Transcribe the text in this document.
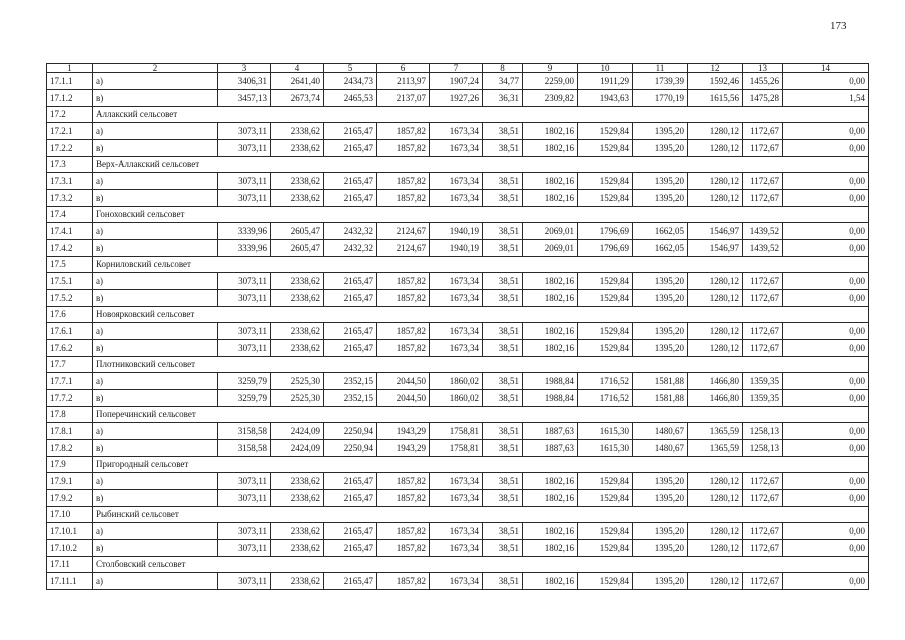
173
1	2	3	4	5	6	7	8	9	10	11	12	13	14
17.1.1	а)	3406,31	2641,40	2434,73	2113,97	1907,24	34,77	2259,00	1911,29	1739,39	1592,46	1455,26	0,00
17.1.2	в)	3457,13	2673,74	2465,53	2137,07	1927,26	36,31	2309,82	1943,63	1770,19	1615,56	1475,28	1,54
17.2	Аллакский сельсовет												
17.2.1	а)	3073,11	2338,62	2165,47	1857,82	1673,34	38,51	1802,16	1529,84	1395,20	1280,12	1172,67	0,00
17.2.2	в)	3073,11	2338,62	2165,47	1857,82	1673,34	38,51	1802,16	1529,84	1395,20	1280,12	1172,67	0,00
17.3	Верх-Аллакский сельсовет												
17.3.1	а)	3073,11	2338,62	2165,47	1857,82	1673,34	38,51	1802,16	1529,84	1395,20	1280,12	1172,67	0,00
17.3.2	в)	3073,11	2338,62	2165,47	1857,82	1673,34	38,51	1802,16	1529,84	1395,20	1280,12	1172,67	0,00
17.4	Гоноховский сельсовет												
17.4.1	а)	3339,96	2605,47	2432,32	2124,67	1940,19	38,51	2069,01	1796,69	1662,05	1546,97	1439,52	0,00
17.4.2	в)	3339,96	2605,47	2432,32	2124,67	1940,19	38,51	2069,01	1796,69	1662,05	1546,97	1439,52	0,00
17.5	Корниловский сельсовет												
17.5.1	а)	3073,11	2338,62	2165,47	1857,82	1673,34	38,51	1802,16	1529,84	1395,20	1280,12	1172,67	0,00
17.5.2	в)	3073,11	2338,62	2165,47	1857,82	1673,34	38,51	1802,16	1529,84	1395,20	1280,12	1172,67	0,00
17.6	Новоярковский сельсовет												
17.6.1	а)	3073,11	2338,62	2165,47	1857,82	1673,34	38,51	1802,16	1529,84	1395,20	1280,12	1172,67	0,00
17.6.2	в)	3073,11	2338,62	2165,47	1857,82	1673,34	38,51	1802,16	1529,84	1395,20	1280,12	1172,67	0,00
17.7	Плотниковский сельсовет												
17.7.1	а)	3259,79	2525,30	2352,15	2044,50	1860,02	38,51	1988,84	1716,52	1581,88	1466,80	1359,35	0,00
17.7.2	в)	3259,79	2525,30	2352,15	2044,50	1860,02	38,51	1988,84	1716,52	1581,88	1466,80	1359,35	0,00
17.8	Поперечинский сельсовет												
17.8.1	а)	3158,58	2424,09	2250,94	1943,29	1758,81	38,51	1887,63	1615,30	1480,67	1365,59	1258,13	0,00
17.8.2	в)	3158,58	2424,09	2250,94	1943,29	1758,81	38,51	1887,63	1615,30	1480,67	1365,59	1258,13	0,00
17.9	Пригородный сельсовет												
17.9.1	а)	3073,11	2338,62	2165,47	1857,82	1673,34	38,51	1802,16	1529,84	1395,20	1280,12	1172,67	0,00
17.9.2	в)	3073,11	2338,62	2165,47	1857,82	1673,34	38,51	1802,16	1529,84	1395,20	1280,12	1172,67	0,00
17.10	Рыбинский сельсовет												
17.10.1	а)	3073,11	2338,62	2165,47	1857,82	1673,34	38,51	1802,16	1529,84	1395,20	1280,12	1172,67	0,00
17.10.2	в)	3073,11	2338,62	2165,47	1857,82	1673,34	38,51	1802,16	1529,84	1395,20	1280,12	1172,67	0,00
17.11	Столбовский сельсовет												
17.11.1	а)	3073,11	2338,62	2165,47	1857,82	1673,34	38,51	1802,16	1529,84	1395,20	1280,12	1172,67	0,00
